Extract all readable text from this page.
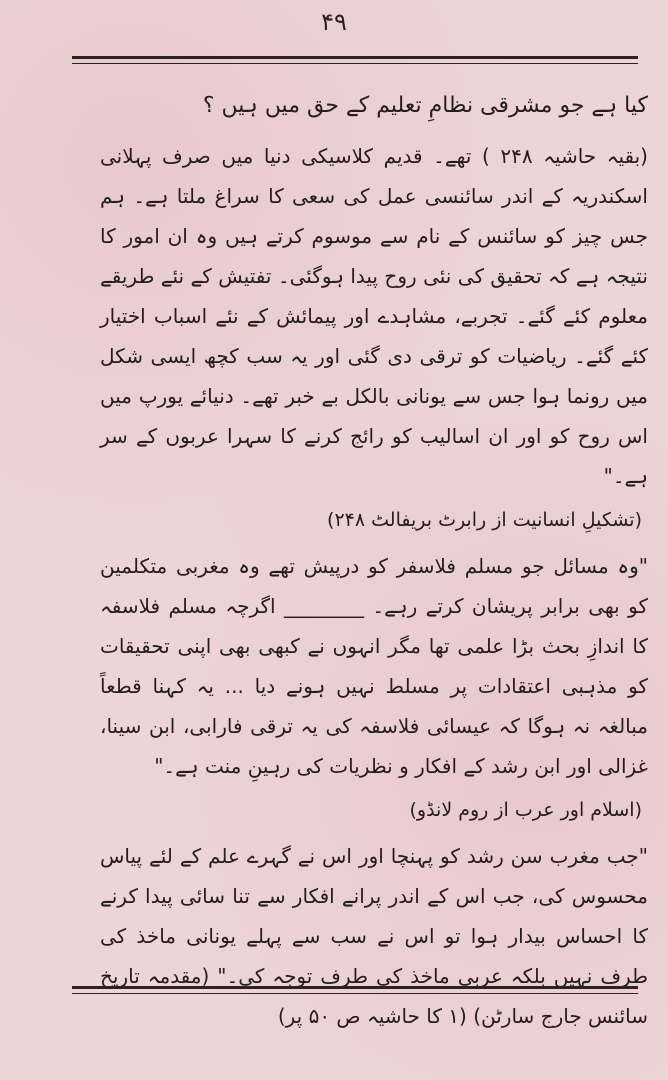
۴۹
کیا ہے جو مشرقی نظامِ تعلیم کے حق میں ہیں ؟

(بقیہ حاشیہ ۲۴۸ ) تھے۔ قدیم کلاسیکی دنیا میں صرف پہلانی اسکندریہ کے اندر سائنسی عمل کی سعی کا سراغ ملتا ہے۔ ہم جس چیز کو سائنس کے نام سے موسوم کرتے ہیں وہ ان امور کا نتیجہ ہے کہ تحقیق کی نئی روح پیدا ہوگئی۔ تفتیش کے نئے طریقے معلوم کئے گئے۔ تجربے، مشاہدے اور پیمائش کے نئے اسباب اختیار کئے گئے۔ ریاضیات کو ترقی دی گئی اور یہ سب کچھ ایسی شکل میں رونما ہوا جس سے یونانی بالکل بے خبر تھے۔ دنیائے یورپ میں اس روح کو اور ان اسالیب کو رائج کرنے کا سہرا عربوں کے سر ہے۔"

(تشکیلِ انسانیت از رابرٹ بریفالٹ ۲۴۸)

"وہ مسائل جو مسلم فلاسفر کو درپیش تھے وہ مغربی متکلمین کو بھی برابر پریشان کرتے رہے۔ ________ اگرچہ مسلم فلاسفہ کا اندازِ بحث بڑا علمی تھا مگر انہوں نے کبھی بھی اپنی تحقیقات کو مذہبی اعتقادات پر مسلط نہیں ہونے دیا ... یہ کہنا قطعاً مبالغہ نہ ہوگا کہ عیسائی فلاسفہ کی یہ ترقی فارابی، ابن سینا، غزالی اور ابن رشد کے افکار و نظریات کی رہینِ منت ہے۔"

(اسلام اور عرب از روم لانڈو)

"جب مغرب سن رشد کو پہنچا اور اس نے گہرے علم کے لئے پیاس محسوس کی، جب اس کے اندر پرانے افکار سے تنا سائی پیدا کرنے کا احساس بیدار ہوا تو اس نے سب سے پہلے یونانی ماخذ کی طرف نہیں بلکہ عربی ماخذ کی طرف توجہ کی۔" (مقدمہ تاریخ سائنس جارج سارٹن) (۱ کا حاشیہ ص ۵۰ پر)
